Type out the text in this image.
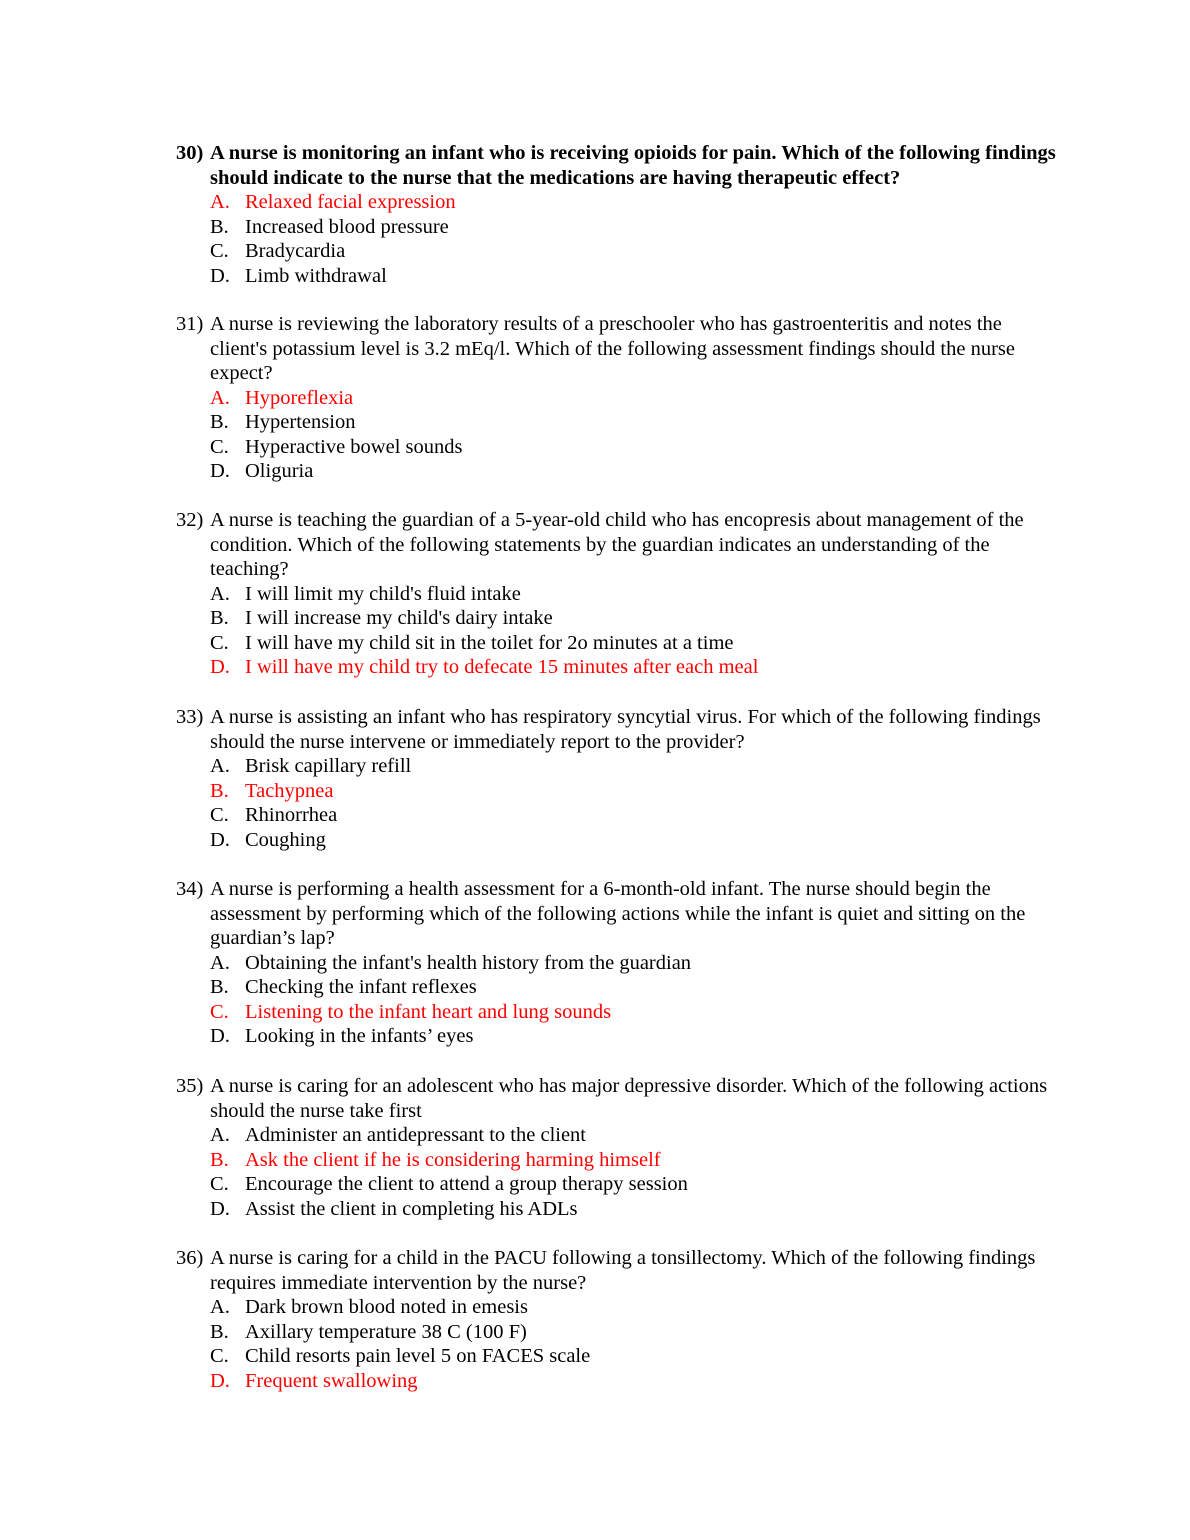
30) A nurse is monitoring an infant who is receiving opioids for pain. Which of the following findings should indicate to the nurse that the medications are having therapeutic effect?
A. Relaxed facial expression
B. Increased blood pressure
C. Bradycardia
D. Limb withdrawal
31) A nurse is reviewing the laboratory results of a preschooler who has gastroenteritis and notes the client's potassium level is 3.2 mEq/l. Which of the following assessment findings should the nurse expect?
A. Hyporeflexia
B. Hypertension
C. Hyperactive bowel sounds
D. Oliguria
32) A nurse is teaching the guardian of a 5-year-old child who has encopresis about management of the condition. Which of the following statements by the guardian indicates an understanding of the teaching?
A. I will limit my child's fluid intake
B. I will increase my child's dairy intake
C. I will have my child sit in the toilet for 2o minutes at a time
D. I will have my child try to defecate 15 minutes after each meal
33) A nurse is assisting an infant who has respiratory syncytial virus. For which of the following findings should the nurse intervene or immediately report to the provider?
A. Brisk capillary refill
B. Tachypnea
C. Rhinorrhea
D. Coughing
34) A nurse is performing a health assessment for a 6-month-old infant. The nurse should begin the assessment by performing which of the following actions while the infant is quiet and sitting on the guardian’s lap?
A. Obtaining the infant's health history from the guardian
B. Checking the infant reflexes
C. Listening to the infant heart and lung sounds
D. Looking in the infants’ eyes
35) A nurse is caring for an adolescent who has major depressive disorder. Which of the following actions should the nurse take first
A. Administer an antidepressant to the client
B. Ask the client if he is considering harming himself
C. Encourage the client to attend a group therapy session
D. Assist the client in completing his ADLs
36) A nurse is caring for a child in the PACU following a tonsillectomy. Which of the following findings requires immediate intervention by the nurse?
A. Dark brown blood noted in emesis
B. Axillary temperature 38 C (100 F)
C. Child resorts pain level 5 on FACES scale
D. Frequent swallowing
